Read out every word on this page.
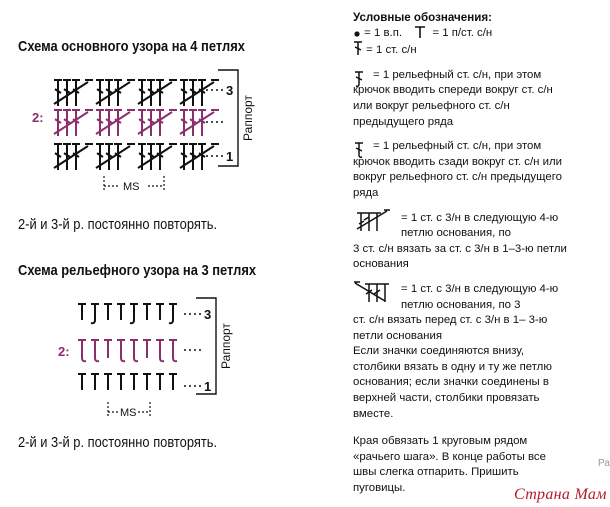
Схема основного узора на 4 петлях
2:
3
1
Раппорт
MS
2-й и 3-й р. постоянно повторять.
Схема рельефного узора на 3 петлях
2:
3
1
Раппорт
MS
2-й и 3-й р. постоянно повторять.
Условные обозначения:
= 1 в.п.	= 1 п/ст. с/н
= 1 ст. с/н
= 1 рельефный ст. с/н, при этом крючок вводить спереди вокруг ст. с/н или вокруг рельефного ст. с/н предыдущего ряда
= 1 рельефный ст. с/н, при этом крючок вводить сзади вокруг ст. с/н или вокруг рельефного ст. с/н предыдущего ряда
= 1 ст. с 3/н в следующую 4-ю петлю основания, по
3 ст. с/н вязать за ст. с 3/н в 1–3-ю петли основания
= 1 ст. с 3/н в следующую 4-ю петлю основания, по 3
ст. с/н вязать перед ст. с 3/н в 1– 3-ю петли основания
Если значки соединяются внизу, столбики вязать в одну и ту же петлю основания; если значки соединены в верхней части, столбики провязать вместе.
Края обвязать 1 круговым рядом «рачьего шага». В конце работы все швы слегка отпарить. Пришить пуговицы.
Ра
Страна Мам
